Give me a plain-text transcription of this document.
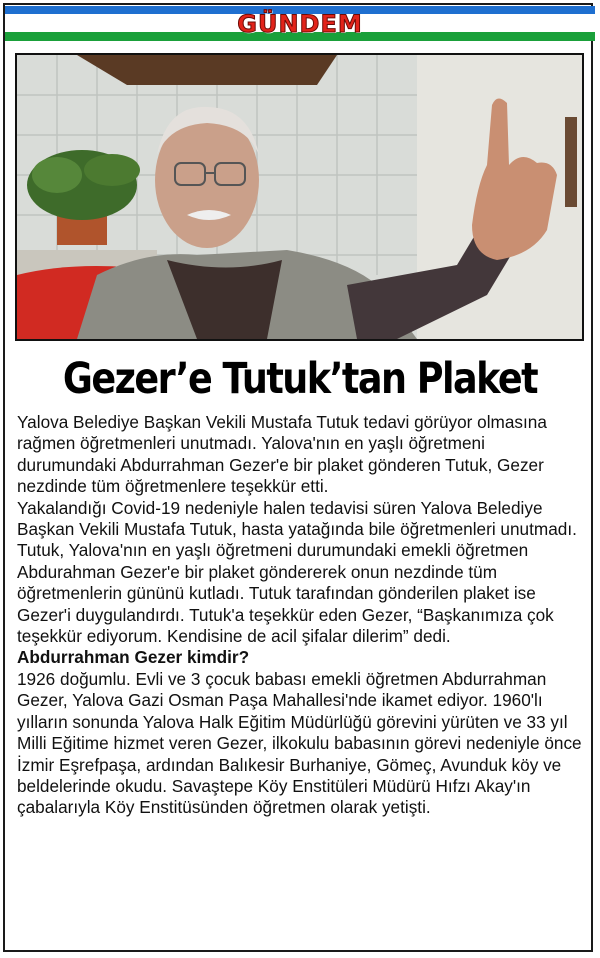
GÜNDEM
Gezer’e Tutuk’tan Plaket

Yalova Belediye Başkan Vekili Mustafa Tutuk tedavi görüyor olmasına rağmen öğretmenleri unutmadı. Yalova'nın en yaşlı öğretmeni durumundaki Abdurrahman Gezer'e bir plaket gönderen Tutuk, Gezer nezdinde tüm öğretmenlere teşekkür etti.

Yakalandığı Covid-19 nedeniyle halen tedavisi süren Yalova Belediye Başkan Vekili Mustafa Tutuk, hasta yatağında bile öğretmenleri unutmadı. Tutuk, Yalova'nın en yaşlı öğretmeni durumundaki emekli öğretmen Abdurahman Gezer'e bir plaket göndererek onun nezdinde tüm öğretmenlerin gününü kutladı. Tutuk tarafından gönderilen plaket ise Gezer'i duygulandırdı. Tutuk'a teşekkür eden Gezer, “Başkanımıza çok teşekkür ediyorum. Kendisine de acil şifalar dilerim” dedi.

Abdurrahman Gezer kimdir?

1926 doğumlu. Evli ve 3 çocuk babası emekli öğretmen Abdurrahman Gezer, Yalova Gazi Osman Paşa Mahallesi'nde ikamet ediyor. 1960'lı yılların sonunda Yalova Halk Eğitim Müdürlüğü görevini yürüten ve 33 yıl Milli Eğitime hizmet veren Gezer, ilkokulu babasının görevi nedeniyle önce İzmir Eşrefpaşa, ardından Balıkesir Burhaniye, Gömeç, Avunduk köy ve beldelerinde okudu. Savaştepe Köy Enstitüleri Müdürü Hıfzı Akay'ın çabalarıyla Köy Enstitüsünden öğretmen olarak yetişti.
